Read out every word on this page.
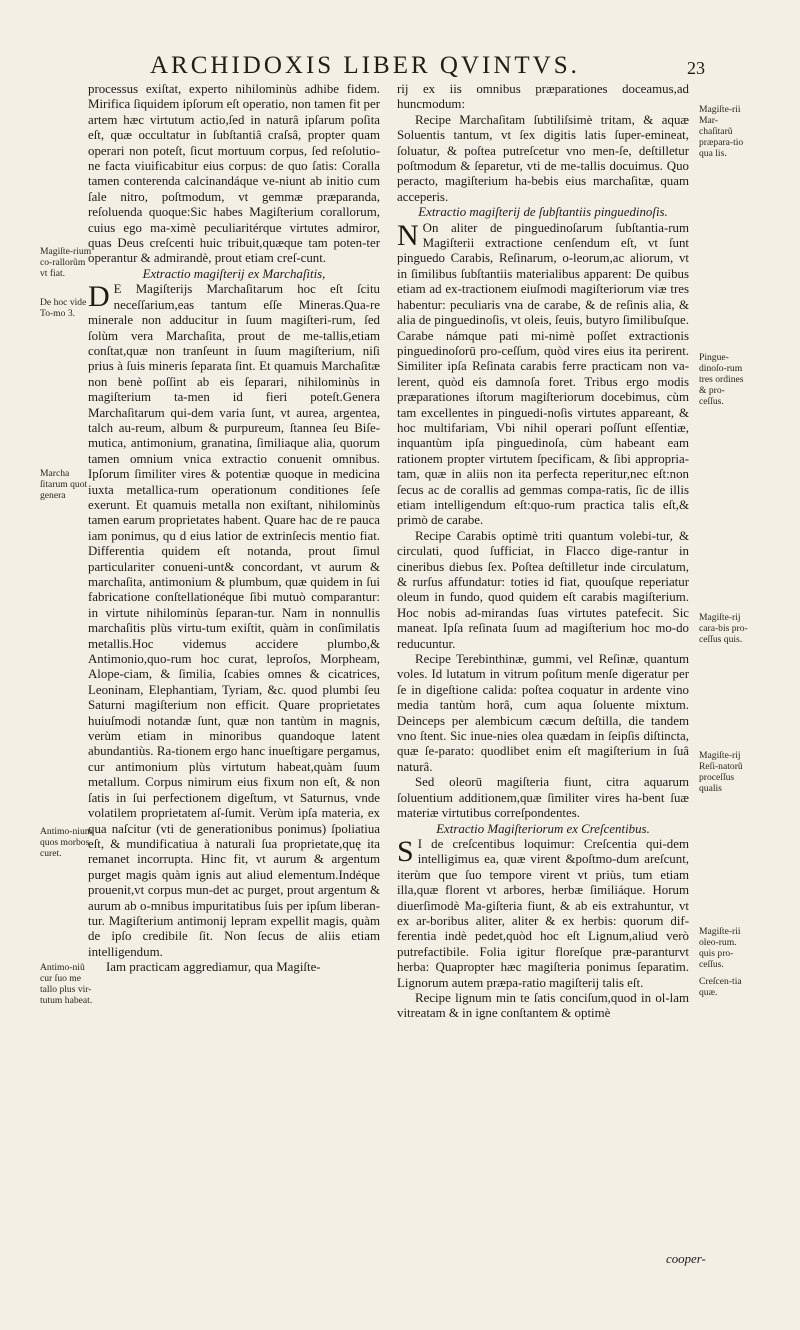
ARCHIDOXIS LIBER QVINTVS.	23

processus exiſtat, experto nihilominùs adhibe fidem. Mirifica ſiquidem ipſorum eſt operatio, non tamen fit per artem hæc virtutum actio,ſed in naturâ ipſarum poſita eſt, quæ occultatur in ſubſtantiâ craſsâ, propter quam operari non poteſt, ſicut mortuum corpus, ſed reſolutio-ne facta viuificabitur eius corpus: de quo ſatis: Coralla tamen conterenda calcinandáque ve-niunt ab initio cum ſale nitro, poſtmodum, vt gemmæ præparanda, reſoluenda quoque:Sic habes Magiſterium corallorum, cuius ego ma-ximè peculiaritérque virtutes admiror, quas Deus creſcenti huic tribuit,quæque tam poten-ter operantur & admirandè, prout etiam creſ-cunt.

Extractio magiſterij ex Marchaſitis,

DE Magiſterijs Marchaſitarum hoc eſt ſcitu neceſſarium,eas tantum eſſe Mineras.Qua-re minerale non adducitur in ſuum magiſteri-rum, ſed ſolùm vera Marchaſita, prout de me-tallis,etiam conſtat,quæ non tranſeunt in ſuum magiſterium, niſi prius à ſuis mineris ſeparata ſint. Et quamuis Marchaſitæ non benè poſſint ab eis ſeparari, nihilominùs in magiſterium ta-men id fieri poteſt.Genera Marchaſitarum qui-dem varia ſunt, vt aurea, argentea, talch au-reum, album & purpureum, ſtannea ſeu Biſe-mutica, antimonium, granatina, ſimiliaque alia, quorum tamen omnium vnica extractio conuenit omnibus. Ipſorum ſimiliter vires & potentiæ quoque in medicina iuxta metallica-rum operationum conditiones ſeſe exerunt. Et quamuis metalla non exiſtant, nihilominùs tamen earum proprietates habent. Quare hac de re pauca iam ponimus, qu d eius latior de extrinſecis mentio fiat. Differentia quidem eſt notanda, prout ſimul particulariter conueni-unt& concordant, vt aurum & marchaſita, antimonium & plumbum, quæ quidem in ſui fabricatione conſtellationéque ſibi mutuò comparantur: in virtute nihilominùs ſeparan-tur. Nam in nonnullis marchaſitis plùs virtu-tum exiſtit, quàm in conſimilatis metallis.Hoc videmus accidere plumbo,& Antimonio,quo-rum hoc curat, leproſos, Morpheam, Alope-ciam, & ſimilia, ſcabies omnes & cicatrices, Leoninam, Elephantiam, Tyriam, &c. quod plumbi ſeu Saturni magiſterium non efficit. Quare proprietates huiuſmodi notandæ ſunt, quæ non tantùm in magnis, verùm etiam in minoribus quandoque latent abundantiùs. Ra-tionem ergo hanc inueſtigare pergamus, cur antimonium plùs virtutum habeat,quàm ſuum metallum. Corpus nimirum eius fixum non eſt, & non ſatis in ſui perfectionem digeſtum, vt Saturnus, vnde volatilem proprietatem aſ-ſumit. Verùm ipſa materia, ex qua naſcitur (vti de generationibus ponimus) ſpoliatiua eſt, & mundificatiua à naturali ſua proprietate,quę ita remanet incorrupta. Hinc fit, vt aurum & argentum purget magis quàm ignis aut aliud elementum.Indéque prouenit,vt corpus mun-det ac purget, prout argentum & aurum ab o-mnibus impuritatibus ſuis per ipſum liberan-tur. Magiſterium antimonij lepram expellit magis, quàm de ipſo credibile ſit. Non ſecus de aliis etiam intelligendum.

Iam practicam aggrediamur, qua Magiſte-

rij ex iis omnibus præparationes doceamus,ad huncmodum:

Recipe Marchaſitam ſubtiliſsimè tritam, & aquæ Soluentis tantum, vt ſex digitis latis ſuper-emineat, ſoluatur, & poſtea putreſcetur vno men-ſe, deſtilletur poſtmodum & ſeparetur, vti de me-tallis docuimus. Quo peracto, magiſterium ha-bebis eius marchaſitæ, quam acceperis.

Extractio magiſterij de ſubſtantiis pinguedinoſis.

NOn aliter de pinguedinoſarum ſubſtantia-rum Magiſterii extractione cenſendum eſt, vt ſunt pinguedo Carabis, Reſinarum, o-leorum,ac aliorum, vt in ſimilibus ſubſtantiis materialibus apparent: De quibus etiam ad ex-tractionem eiuſmodi magiſteriorum viæ tres habentur: peculiaris vna de carabe, & de reſinis alia, & alia de pinguedinoſis, vt oleis, ſeuis, butyro ſimilibuſque. Carabe námque pati mi-nimè poſſet extractionis pinguedinoſorū pro-ceſſum, quòd vires eius ita perirent. Similiter ipſa Reſinata carabis ferre practicam non va-lerent, quòd eis damnoſa foret. Tribus ergo modis præparationes iſtorum magiſteriorum docebimus, cùm tam excellentes in pinguedi-noſis virtutes appareant, & hoc multifariam, Vbi nihil operari poſſunt eſſentiæ, inquantùm ipſa pinguedinoſa, cùm habeant eam rationem propter virtutem ſpecificam, & ſibi appropria-tam, quæ in aliis non ita perfecta reperitur,nec eſt:non ſecus ac de corallis ad gemmas compa-ratis, ſic de illis etiam intelligendum eſt:quo-rum practica talis eſt,& primò de carabe.

Recipe Carabis optimè triti quantum volebi-tur, & circulati, quod ſufficiat, in Flacco dige-rantur in cineribus diebus ſex. Poſtea deſtilletur inde circulatum, & rurſus affundatur: toties id fiat, quouſque reperiatur oleum in fundo, quod quidem eſt carabis magiſterium. Hoc nobis ad-mirandas ſuas virtutes patefecit. Sic maneat. Ipſa reſinata ſuum ad magiſterium hoc mo-do reducuntur.

Recipe Terebinthinæ, gummi, vel Reſinæ, quantum voles. Id lutatum in vitrum poſitum menſe digeratur per ſe in digeſtione calida: poſtea coquatur in ardente vino media tantùm horâ, cum aqua ſoluente mixtum. Deinceps per alembicum cæcum deſtilla, die tandem vno ſtent. Sic inue-nies olea quædam in ſeipſis diſtincta, quæ ſe-parato: quodlibet enim eſt magiſterium in ſuâ naturâ.

Sed oleorū magiſteria fiunt, citra aquarum ſoluentium additionem,quæ ſimiliter vires ha-bent ſuæ materiæ virtutibus correſpondentes.

Extractio Magiſteriorum ex Creſcentibus.

SI de creſcentibus loquimur: Creſcentia qui-dem intelligimus ea, quæ virent &poſtmo-dum areſcunt, iterùm que ſuo tempore virent vt priùs, tum etiam illa,quæ florent vt arbores, herbæ ſimiliáque. Horum diuerſimodè Ma-giſteria fiunt, & ab eis extrahuntur, vt ex ar-boribus aliter, aliter & ex herbis: quorum dif-ferentia indè pedet,quòd hoc eſt Lignum,aliud verò putrefactibile. Folia igitur floreſque præ-paranturvt herba: Quapropter hæc magiſteria ponimus ſeparatim. Lignorum autem præpa-ratio magiſterij talis eſt.

Recipe lignum min te ſatis conciſum,quod in ol-lam vitreatam & in igne conſtantem & optimè

cooper-
Magiſte-rium co-rallorũm vt fiat.
De hoc vide To-mo 3.
Marcha ſitarum quot genera
Antimo-nium quos morbos curet.
Antimo-niũ cur ſuo me tallo plus vir-tutum habeat.
Magiſte-rii Mar-chaſitarũ præpara-tio qua lis.
Pingue-dinoſo-rum tres ordines & pro-ceſſus.
Magiſte-rij cara-bis pro-ceſſus quis.
Magiſte-rij Reſi-natorũ proceſſus qualis
Magiſte-rii oleo-rum. quis pro-ceſſus.
Creſcen-tia quæ.
